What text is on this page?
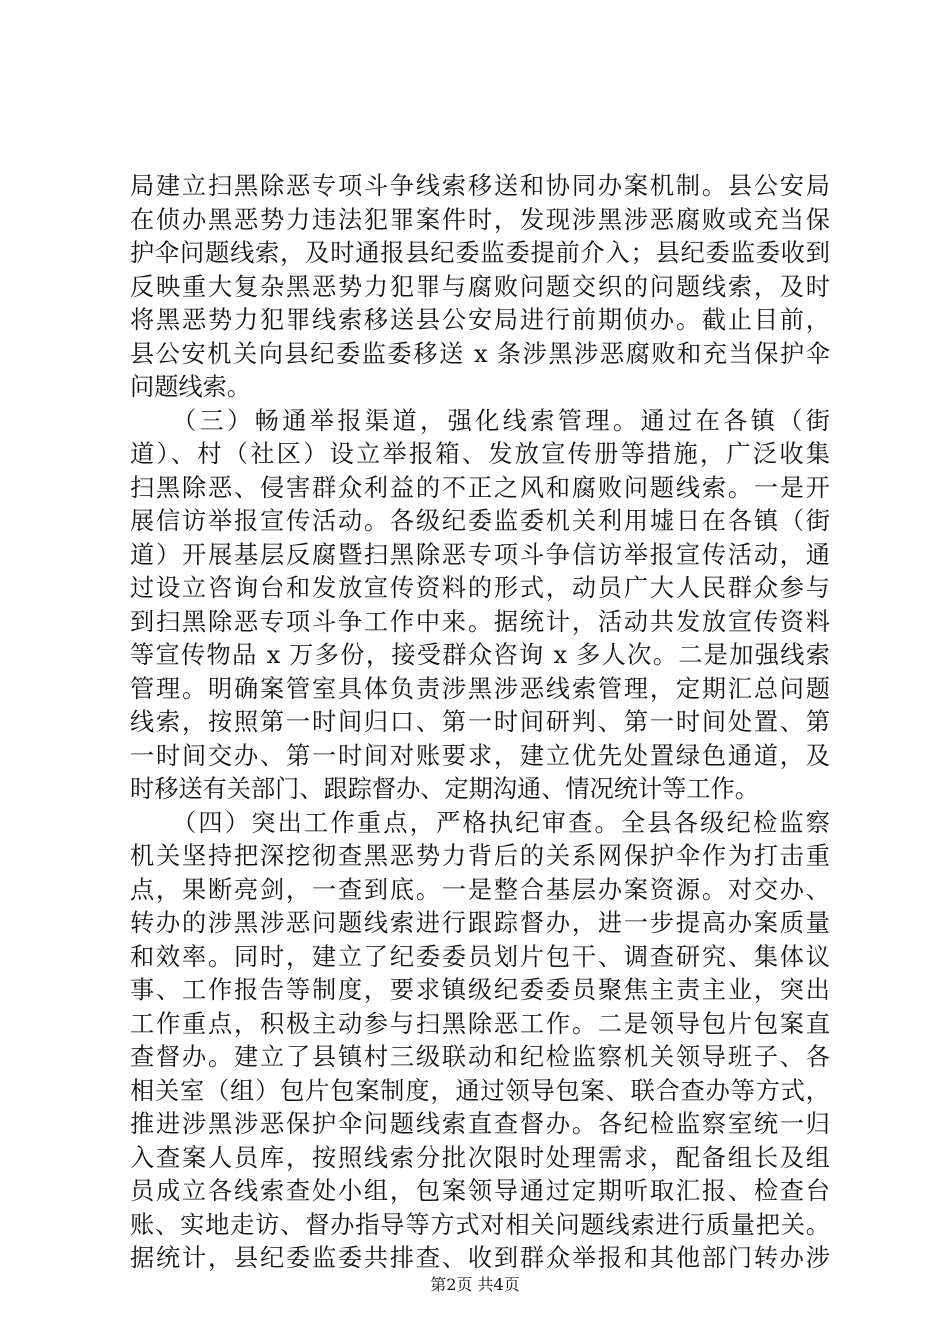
局建立扫黑除恶专项斗争线索移送和协同办案机制。县公安局
在侦办黑恶势力违法犯罪案件时，发现涉黑涉恶腐败或充当保
护伞问题线索，及时通报县纪委监委提前介入；县纪委监委收到
反映重大复杂黑恶势力犯罪与腐败问题交织的问题线索，及时
将黑恶势力犯罪线索移送县公安局进行前期侦办。截止目前，
县公安机关向县纪委监委移送 x 条涉黑涉恶腐败和充当保护伞
问题线索。
（三）畅通举报渠道，强化线索管理。通过在各镇（街
道）、村（社区）设立举报箱、发放宣传册等措施，广泛收集
扫黑除恶、侵害群众利益的不正之风和腐败问题线索。一是开
展信访举报宣传活动。各级纪委监委机关利用墟日在各镇（街
道）开展基层反腐暨扫黑除恶专项斗争信访举报宣传活动，通
过设立咨询台和发放宣传资料的形式，动员广大人民群众参与
到扫黑除恶专项斗争工作中来。据统计，活动共发放宣传资料
等宣传物品 x 万多份，接受群众咨询 x 多人次。二是加强线索
管理。明确案管室具体负责涉黑涉恶线索管理，定期汇总问题
线索，按照第一时间归口、第一时间研判、第一时间处置、第
一时间交办、第一时间对账要求，建立优先处置绿色通道，及
时移送有关部门、跟踪督办、定期沟通、情况统计等工作。
（四）突出工作重点，严格执纪审查。全县各级纪检监察
机关坚持把深挖彻查黑恶势力背后的关系网保护伞作为打击重
点，果断亮剑，一查到底。一是整合基层办案资源。对交办、
转办的涉黑涉恶问题线索进行跟踪督办，进一步提高办案质量
和效率。同时，建立了纪委委员划片包干、调查研究、集体议
事、工作报告等制度，要求镇级纪委委员聚焦主责主业，突出
工作重点，积极主动参与扫黑除恶工作。二是领导包片包案直
查督办。建立了县镇村三级联动和纪检监察机关领导班子、各
相关室（组）包片包案制度，通过领导包案、联合查办等方式，
推进涉黑涉恶保护伞问题线索直查督办。各纪检监察室统一归
入查案人员库，按照线索分批次限时处理需求，配备组长及组
员成立各线索查处小组，包案领导通过定期听取汇报、检查台
账、实地走访、督办指导等方式对相关问题线索进行质量把关。
据统计，县纪委监委共排查、收到群众举报和其他部门转办涉
第2页 共4页
